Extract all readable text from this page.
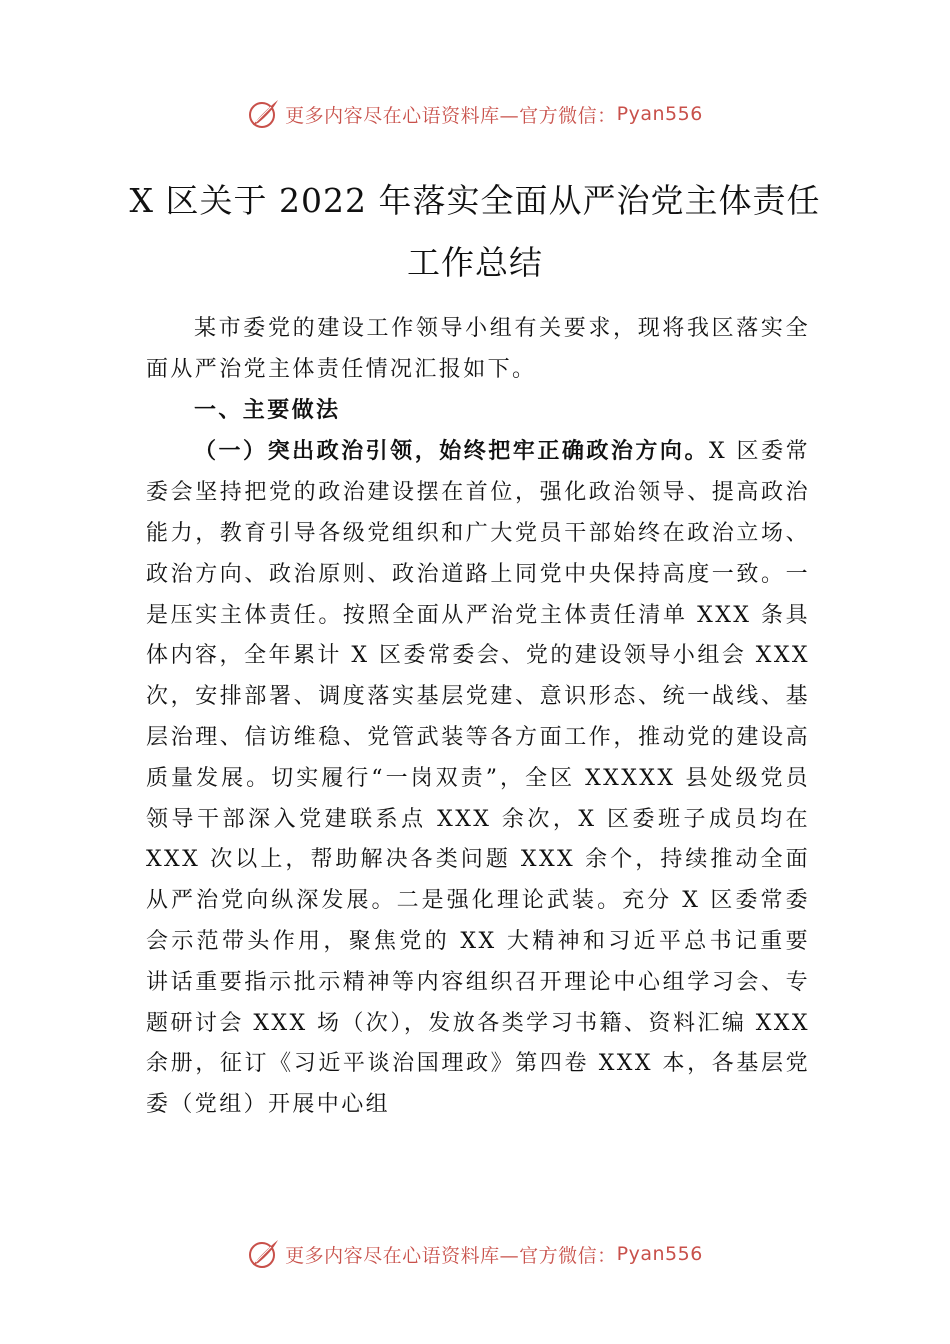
更多内容尽在心语资料库—官方微信： Pyan556
X 区关于 2022 年落实全面从严治党主体责任工作总结

某市委党的建设工作领导小组有关要求，现将我区落实全面从严治党主体责任情况汇报如下。

一、主要做法

（一）突出政治引领，始终把牢正确政治方向。X 区委常委会坚持把党的政治建设摆在首位，强化政治领导、提高政治能力，教育引导各级党组织和广大党员干部始终在政治立场、政治方向、政治原则、政治道路上同党中央保持高度一致。一是压实主体责任。按照全面从严治党主体责任清单 XXX 条具体内容，全年累计 X 区委常委会、党的建设领导小组会 XXX 次，安排部署、调度落实基层党建、意识形态、统一战线、基层治理、信访维稳、党管武装等各方面工作，推动党的建设高质量发展。切实履行“一岗双责”，全区 XXXXX 县处级党员领导干部深入党建联系点 XXX 余次，X 区委班子成员均在 XXX 次以上，帮助解决各类问题 XXX 余个，持续推动全面从严治党向纵深发展。二是强化理论武装。充分 X 区委常委会示范带头作用，聚焦党的 XX 大精神和习近平总书记重要讲话重要指示批示精神等内容组织召开理论中心组学习会、专题研讨会 XXX 场（次），发放各类学习书籍、资料汇编 XXX 余册，征订《习近平谈治国理政》第四卷 XXX 本，各基层党委（党组）开展中心组

更多内容尽在心语资料库—官方微信： Pyan556
